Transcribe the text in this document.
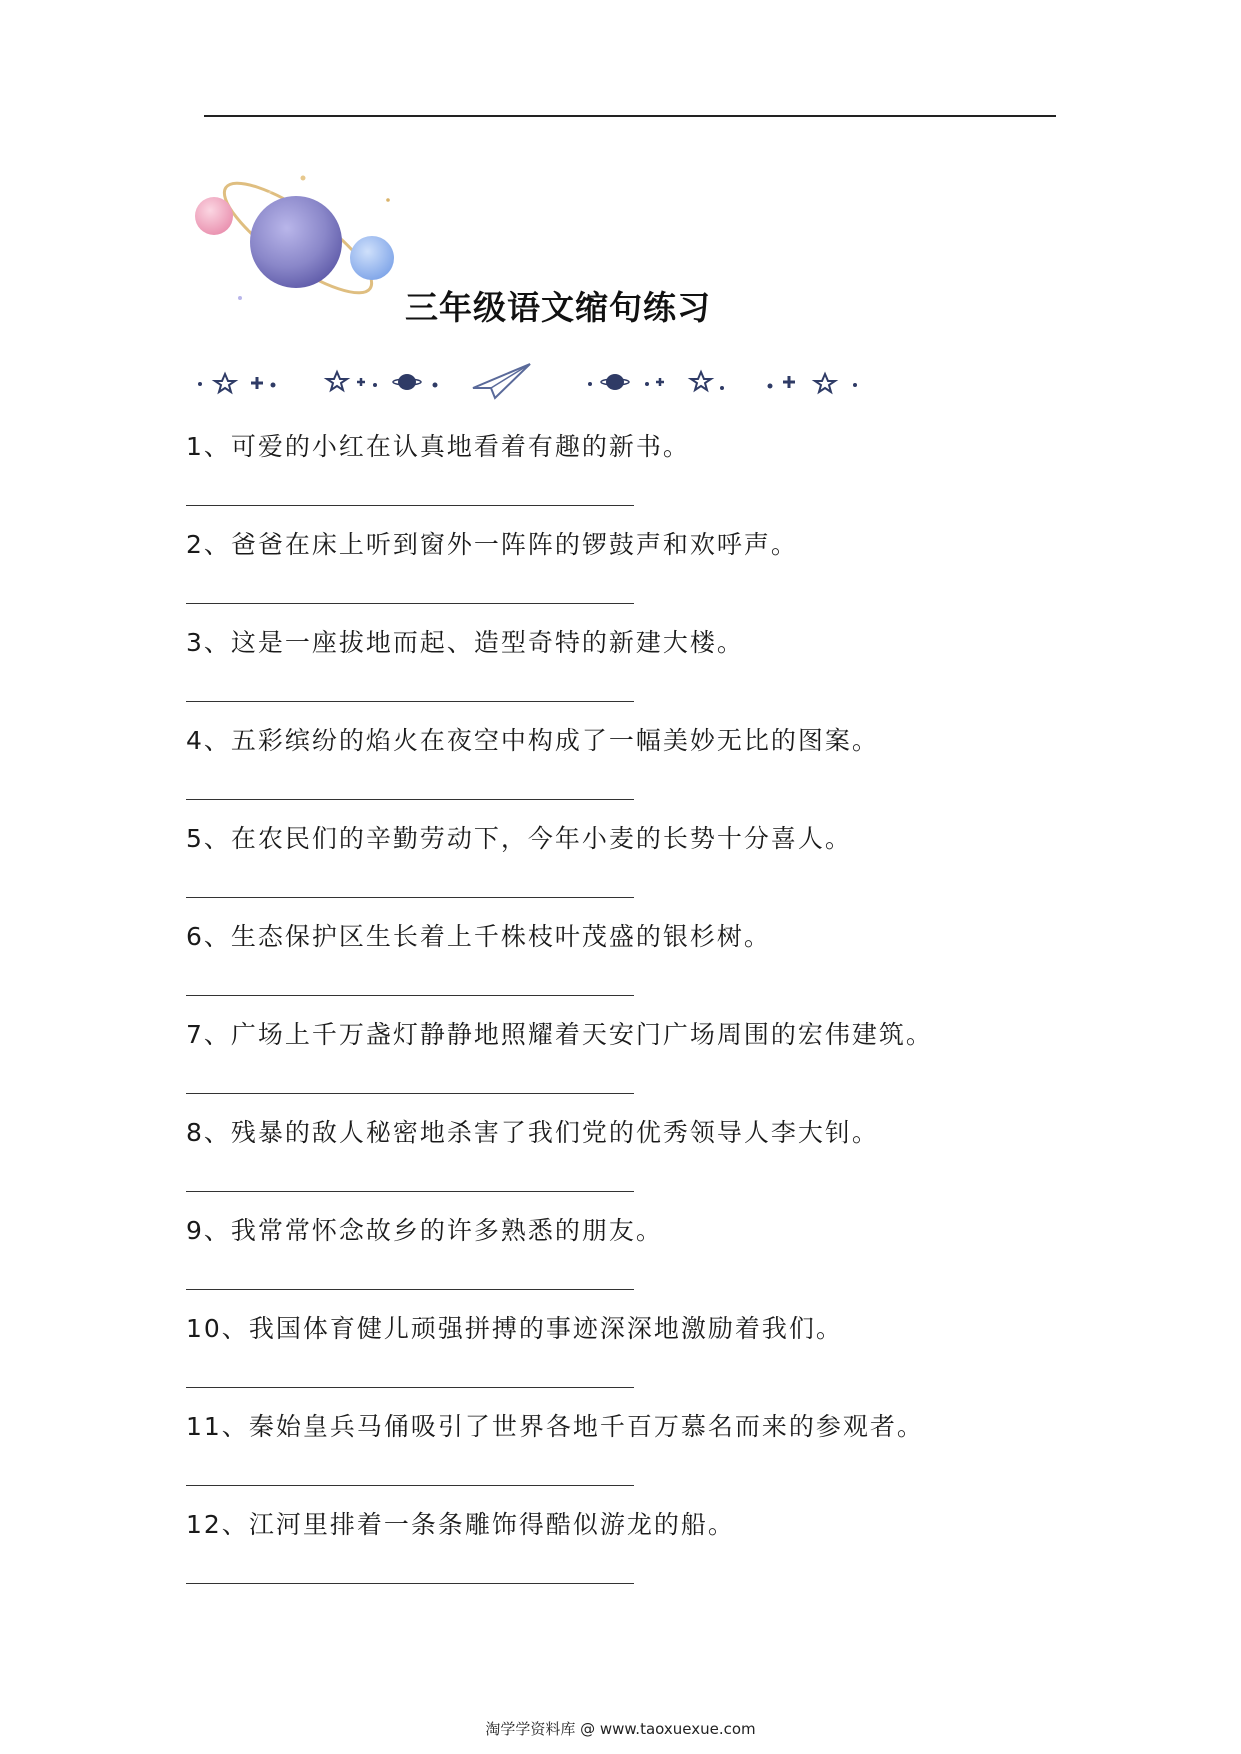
三年级语文缩句练习
1、可爱的小红在认真地看着有趣的新书。
2、爸爸在床上听到窗外一阵阵的锣鼓声和欢呼声。
3、这是一座拔地而起、造型奇特的新建大楼。
4、五彩缤纷的焰火在夜空中构成了一幅美妙无比的图案。
5、在农民们的辛勤劳动下，今年小麦的长势十分喜人。
6、生态保护区生长着上千株枝叶茂盛的银杉树。
7、广场上千万盏灯静静地照耀着天安门广场周围的宏伟建筑。
8、残暴的敌人秘密地杀害了我们党的优秀领导人李大钊。
9、我常常怀念故乡的许多熟悉的朋友。
10、我国体育健儿顽强拼搏的事迹深深地激励着我们。
11、秦始皇兵马俑吸引了世界各地千百万慕名而来的参观者。
12、江河里排着一条条雕饰得酷似游龙的船。
淘学学资料库 @ www.taoxuexue.com
